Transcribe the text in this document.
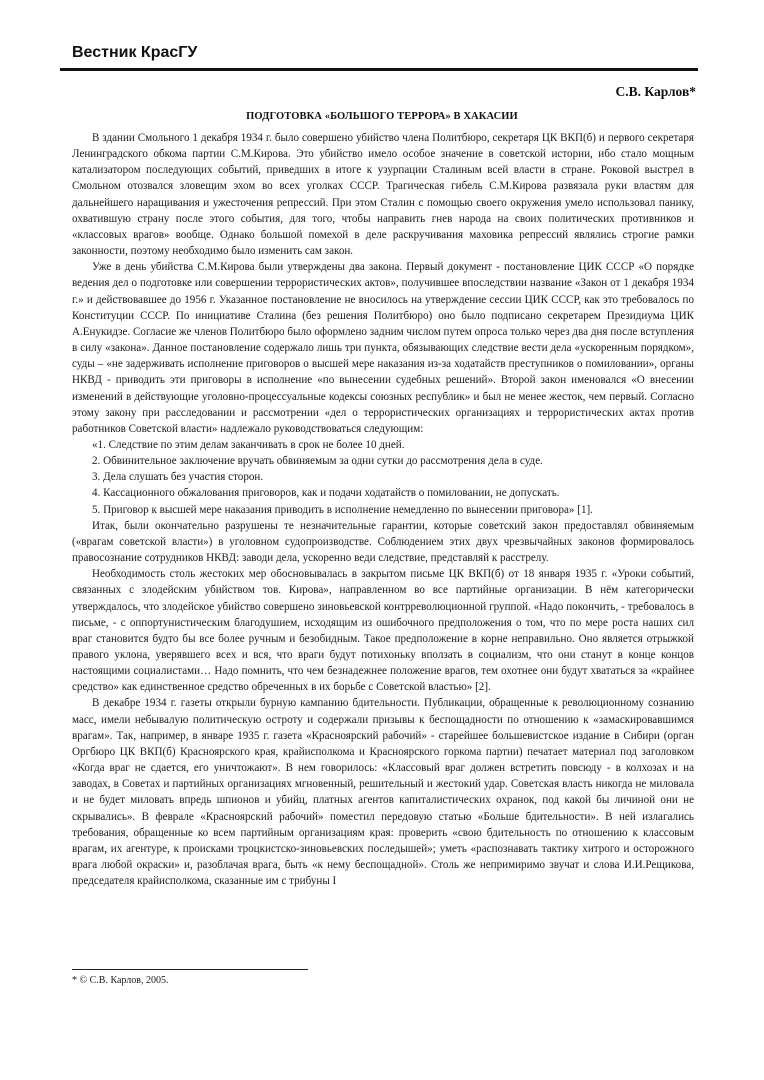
Вестник КрасГУ
С.В. Карлов*
ПОДГОТОВКА «БОЛЬШОГО ТЕРРОРА» В ХАКАСИИ

В здании Смольного 1 декабря 1934 г. было совершено убийство члена Политбюро, секретаря ЦК ВКП(б) и первого секретаря Ленинградского обкома партии С.М.Кирова. Это убийство имело особое значение в советской истории, ибо стало мощным катализатором последующих событий, приведших в итоге к узурпации Сталиным всей власти в стране. Роковой выстрел в Смольном отозвался зловещим эхом во всех уголках СССР. Трагическая гибель С.М.Кирова развязала руки властям для дальнейшего наращивания и ужесточения репрессий. При этом Сталин с помощью своего окружения умело использовал панику, охватившую страну после этого события, для того, чтобы направить гнев народа на своих политических противников и «классовых врагов» вообще. Однако большой помехой в деле раскручивания маховика репрессий являлись строгие рамки законности, поэтому необходимо было изменить сам закон.

Уже в день убийства С.М.Кирова были утверждены два закона. Первый документ - постановление ЦИК СССР «О порядке ведения дел о подготовке или совершении террористических актов», получившее впоследствии название «Закон от 1 декабря 1934 г.» и действовавшее до 1956 г. Указанное постановление не вносилось на утверждение сессии ЦИК СССР, как это требовалось по Конституции СССР. По инициативе Сталина (без решения Политбюро) оно было подписано секретарем Президиума ЦИК А.Енукидзе. Согласие же членов Политбюро было оформлено задним числом путем опроса только через два дня после вступления в силу «закона». Данное постановление содержало лишь три пункта, обязывающих следствие вести дела «ускоренным порядком», суды – «не задерживать исполнение приговоров о высшей мере наказания из-за ходатайств преступников о помиловании», органы НКВД - приводить эти приговоры в исполнение «по вынесении судебных решений». Второй закон именовался «О внесении изменений в действующие уголовно-процессуальные кодексы союзных республик» и был не менее жесток, чем первый. Согласно этому закону при расследовании и рассмотрении «дел о террористических организациях и террористических актах против работников Советской власти» надлежало руководствоваться следующим:

«1. Следствие по этим делам заканчивать в срок не более 10 дней.

2. Обвинительное заключение вручать обвиняемым за одни сутки до рассмотрения дела в суде.

3. Дела слушать без участия сторон.

4. Кассационного обжалования приговоров, как и подачи ходатайств о помиловании, не допускать.

5. Приговор к высшей мере наказания приводить в исполнение немедленно по вынесении приговора» [1].

Итак, были окончательно разрушены те незначительные гарантии, которые советский закон предоставлял обвиняемым («врагам советской власти») в уголовном судопроизводстве. Соблюдением этих двух чрезвычайных законов формировалось правосознание сотрудников НКВД: заводи дела, ускоренно веди следствие, представляй к расстрелу.

Необходимость столь жестоких мер обосновывалась в закрытом письме ЦК ВКП(б) от 18 января 1935 г. «Уроки событий, связанных с злодейским убийством тов. Кирова», направленном во все партийные организации. В нём категорически утверждалось, что злодейское убийство совершено зиновьевской контрреволюционной группой. «Надо покончить, - требовалось в письме, - с оппортунистическим благодушием, исходящим из ошибочного предположения о том, что по мере роста наших сил враг становится будто бы все более ручным и безобидным. Такое предположение в корне неправильно. Оно является отрыжкой правого уклона, уверявшего всех и вся, что враги будут потихоньку вползать в социализм, что они станут в конце концов настоящими социалистами… Надо помнить, что чем безнадежнее положение врагов, тем охотнее они будут хвататься за «крайнее средство» как единственное средство обреченных в их борьбе с Советской властью» [2].

В декабре 1934 г. газеты открыли бурную кампанию бдительности. Публикации, обращенные к революционному сознанию масс, имели небывалую политическую остроту и содержали призывы к беспощадности по отношению к «замаскировавшимся врагам». Так, например, в январе 1935 г. газета «Красноярский рабочий» - старейшее большевистское издание в Сибири (орган Оргбюро ЦК ВКП(б) Красноярского края, крайисполкома и Красноярского горкома партии) печатает материал под заголовком «Когда враг не сдается, его уничтожают». В нем говорилось: «Классовый враг должен встретить повсюду - в колхозах и на заводах, в Советах и партийных организациях мгновенный, решительный и жестокий удар. Советская власть никогда не миловала и не будет миловать впредь шпионов и убийц, платных агентов капиталистических охранок, под какой бы личиной они не скрывались». В феврале «Красноярский рабочий» поместил передовую статью «Больше бдительности». В ней излагались требования, обращенные ко всем партийным организациям края: проверить «свою бдительность по отношению к классовым врагам, их агентуре, к происками троцкистско-зиновьевских последышей»; уметь «распознавать тактику хитрого и осторожного врага любой окраски» и, разоблачая врага, быть «к нему беспощадной». Столь же непримиримо звучат и слова И.И.Рещикова, председателя крайисполкома, сказанные им с трибуны I

* © С.В. Карлов, 2005.
